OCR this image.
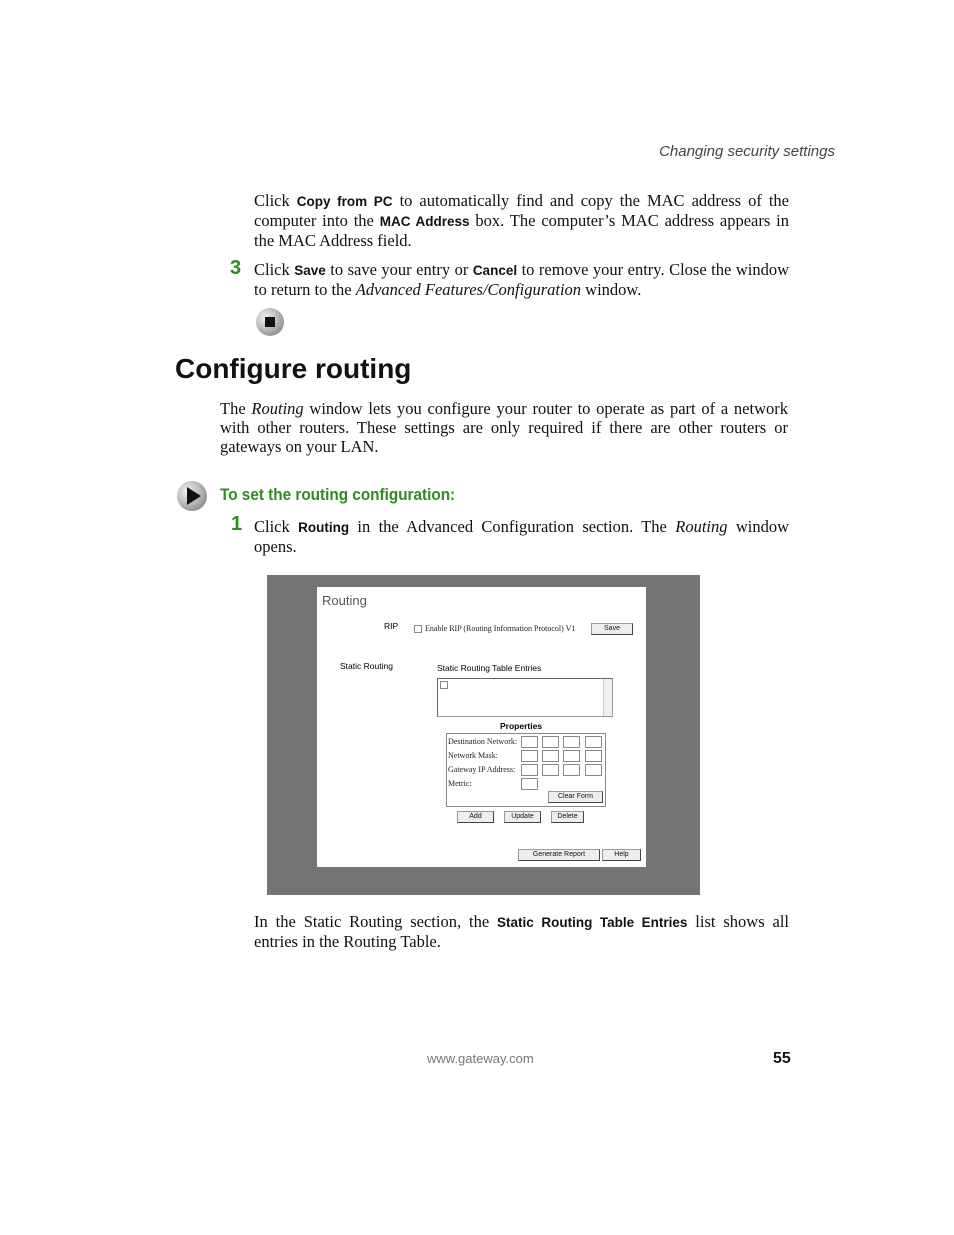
Changing security settings
Click Copy from PC to automatically find and copy the MAC address of the computer into the MAC Address box. The computer’s MAC address appears in the MAC Address field.
3 Click Save to save your entry or Cancel to remove your entry. Close the window to return to the Advanced Features/Configuration window.
Configure routing
The Routing window lets you configure your router to operate as part of a network with other routers. These settings are only required if there are other routers or gateways on your LAN.
To set the routing configuration:
1 Click Routing in the Advanced Configuration section. The Routing window opens.
Routing
RIP	Enable RIP (Routing Information Protocol) V1	Save
Static Routing	Static Routing Table Entries
Properties
Destination Network:
Network Mask:
Gateway IP Address:
Metric:
Clear Form
Add	Update	Delete
Generate Report	Help
In the Static Routing section, the Static Routing Table Entries list shows all entries in the Routing Table.
www.gateway.com	55
